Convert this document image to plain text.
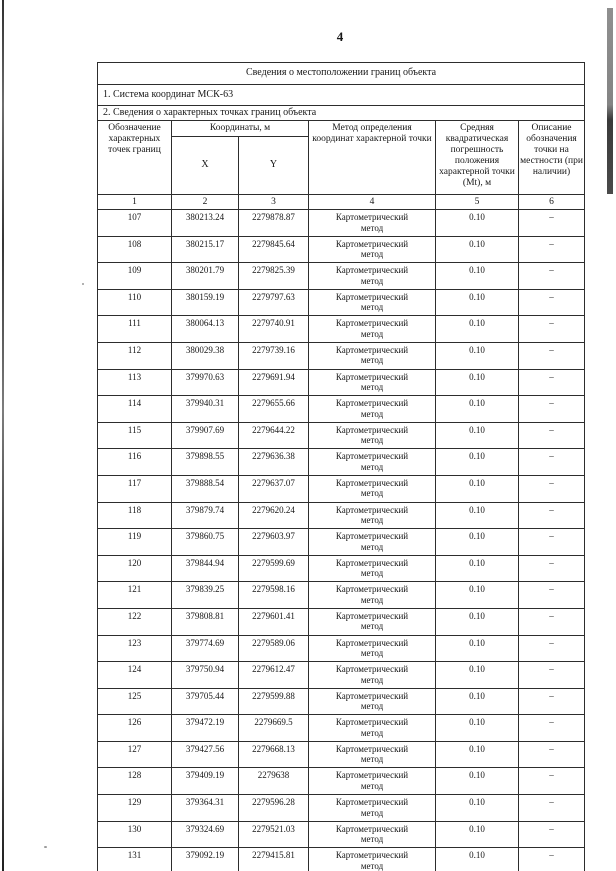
4
Сведения о местоположении границ объекта					
1. Система координат МСК-63					
2. Сведения о характерных точках границ объекта					
Обозначение характерных точек границ	Координаты, м		Метод определения координат характерной точки	Средняя квадратическая погрешность положения характерной точки (Мt), м	Описание обозначения точки на местности (при наличии)
	X	Y			
1	2	3	4	5	6
107	380213.24	2279878.87	Картометрический метод	0.10	–
108	380215.17	2279845.64	Картометрический метод	0.10	–
109	380201.79	2279825.39	Картометрический метод	0.10	–
110	380159.19	2279797.63	Картометрический метод	0.10	–
111	380064.13	2279740.91	Картометрический метод	0.10	–
112	380029.38	2279739.16	Картометрический метод	0.10	–
113	379970.63	2279691.94	Картометрический метод	0.10	–
114	379940.31	2279655.66	Картометрический метод	0.10	–
115	379907.69	2279644.22	Картометрический метод	0.10	–
116	379898.55	2279636.38	Картометрический метод	0.10	–
117	379888.54	2279637.07	Картометрический метод	0.10	–
118	379879.74	2279620.24	Картометрический метод	0.10	–
119	379860.75	2279603.97	Картометрический метод	0.10	–
120	379844.94	2279599.69	Картометрический метод	0.10	–
121	379839.25	2279598.16	Картометрический метод	0.10	–
122	379808.81	2279601.41	Картометрический метод	0.10	–
123	379774.69	2279589.06	Картометрический метод	0.10	–
124	379750.94	2279612.47	Картометрический метод	0.10	–
125	379705.44	2279599.88	Картометрический метод	0.10	–
126	379472.19	2279669.5	Картометрический метод	0.10	–
127	379427.56	2279668.13	Картометрический метод	0.10	–
128	379409.19	2279638	Картометрический метод	0.10	–
129	379364.31	2279596.28	Картометрический метод	0.10	–
130	379324.69	2279521.03	Картометрический метод	0.10	–
131	379092.19	2279415.81	Картометрический метод	0.10	–
